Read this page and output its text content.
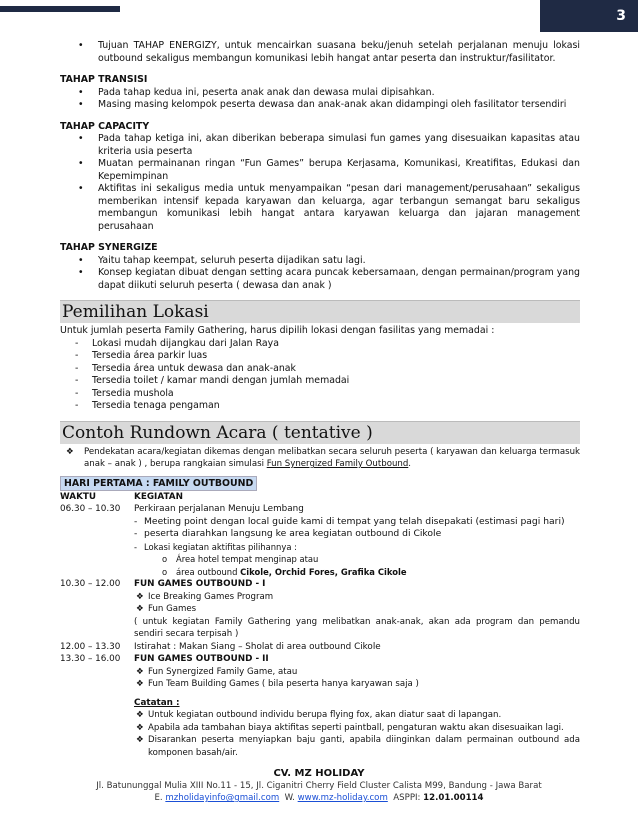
3
• Tujuan TAHAP ENERGIZY, untuk mencairkan suasana beku/jenuh setelah perjalanan menuju lokasi outbound sekaligus membangun komunikasi lebih hangat antar peserta dan instruktur/fasilitator.
TAHAP TRANSISI
• Pada tahap kedua ini, peserta anak anak dan dewasa mulai dipisahkan.
• Masing masing kelompok peserta dewasa dan anak-anak akan didampingi oleh fasilitator tersendiri
TAHAP CAPACITY
• Pada tahap ketiga ini, akan diberikan beberapa simulasi fun games yang disesuaikan kapasitas atau kriteria usia peserta
• Muatan permainanan ringan “Fun Games” berupa Kerjasama, Komunikasi, Kreatifitas, Edukasi dan Kepemimpinan
• Aktifitas ini sekaligus media untuk menyampaikan “pesan dari management/perusahaan” sekaligus memberikan intensif kepada karyawan dan keluarga, agar terbangun semangat baru sekaligus membangun komunikasi lebih hangat antara karyawan keluarga dan jajaran management perusahaan
TAHAP SYNERGIZE
• Yaitu tahap keempat, seluruh peserta dijadikan satu lagi.
• Konsep kegiatan dibuat dengan setting acara puncak kebersamaan, dengan permainan/program yang dapat diikuti seluruh peserta ( dewasa dan anak )
Pemilihan Lokasi
Untuk jumlah peserta Family Gathering, harus dipilih lokasi dengan fasilitas yang memadai :
- Lokasi mudah dijangkau dari Jalan Raya
- Tersedia área parkir luas
- Tersedia área untuk dewasa dan anak-anak
- Tersedia toilet / kamar mandi dengan jumlah memadai
- Tersedia mushola
- Tersedia tenaga pengaman
Contoh Rundown Acara ( tentative )
❖ Pendekatan acara/kegiatan dikemas dengan melibatkan secara seluruh peserta ( karyawan dan keluarga termasuk anak – anak ) , berupa rangkaian simulasi Fun Synergized Family Outbound.
HARI PERTAMA : FAMILY OUTBOUND
WAKTU	KEGIATAN
06.30 – 10.30	Perkiraan perjalanan Menuju Lembang
- Meeting point dengan local guide kami di tempat yang telah disepakati (estimasi pagi hari)
- peserta diarahkan langsung ke area kegiatan outbound di Cikole
- Lokasi kegiatan aktifitas pilihannya :
o Área hotel tempat menginap atau
o área outbound Cikole, Orchid Fores, Grafika Cikole
10.30 – 12.00	FUN GAMES OUTBOUND - I
❖ Ice Breaking Games Program
❖ Fun Games
( untuk kegiatan Family Gathering yang melibatkan anak-anak, akan ada program dan pemandu sendiri secara terpisah )
12.00 – 13.30	Istirahat : Makan Siang – Sholat di area outbound Cikole
13.30 – 16.00	FUN GAMES OUTBOUND - II
❖ Fun Synergized Family Game, atau
❖ Fun Team Building Games ( bila peserta hanya karyawan saja )
Catatan :
❖ Untuk kegiatan outbound individu berupa flying fox, akan diatur saat di lapangan.
❖ Apabila ada tambahan biaya aktifitas seperti paintball, pengaturan waktu akan disesuaikan lagi.
❖ Disarankan peserta menyiapkan baju ganti, apabila diinginkan dalam permainan outbound ada komponen basah/air.
CV. MZ HOLIDAY
Jl. Batununggal Mulia XIII No.11 - 15, Jl. Ciganitri Cherry Field Cluster Calista M99, Bandung - Jawa Barat
E. mzholidayinfo@gmail.com W. www.mz-holiday.com ASPPI: 12.01.00114
